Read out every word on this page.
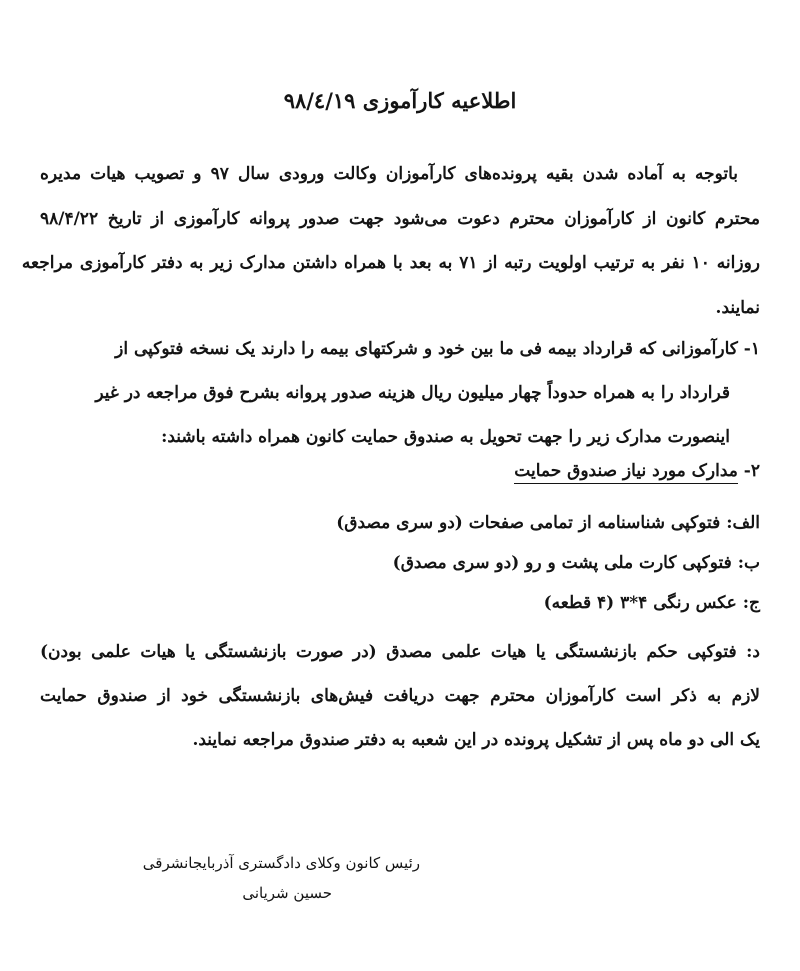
اطلاعیه کارآموزی ۹۸/٤/۱۹
باتوجه به آماده شدن بقیه پرونده‌های کارآموزان وکالت ورودی سال ۹۷ و تصویب هیات مدیره
محترم کانون از کارآموزان محترم دعوت می‌شود جهت صدور پروانه کارآموزی از تاریخ ۹۸/۴/۲۲
روزانه ۱۰ نفر به ترتیب اولویت رتبه از ۷۱ به بعد با همراه داشتن مدارک زیر به دفتر کارآموزی مراجعه
نمایند.
۱- کارآموزانی که قرارداد بیمه فی ما بین خود و شرکتهای بیمه را دارند یک نسخه فتوکپی از
قرارداد را به همراه حدوداً چهار میلیون ریال هزینه صدور پروانه بشرح فوق مراجعه در غیر
اینصورت مدارک زیر را جهت تحویل به صندوق حمایت کانون همراه داشته باشند:
۲- مدارک مورد نیاز صندوق حمایت
الف: فتوکپی شناسنامه از تمامی صفحات (دو سری مصدق)
ب: فتوکپی کارت ملی پشت و رو (دو سری مصدق)
ج: عکس رنگی ۴*۳ (۴ قطعه)
د: فتوکپی حکم بازنشستگی یا هیات علمی مصدق (در صورت بازنشستگی یا هیات علمی بودن)
لازم به ذکر است کارآموزان محترم جهت دریافت فیش‌های بازنشستگی خود از صندوق حمایت
یک الی دو ماه پس از تشکیل پرونده در این شعبه به دفتر صندوق مراجعه نمایند.
رئیس کانون وکلای دادگستری آذربایجانشرقی
حسین شریانی
